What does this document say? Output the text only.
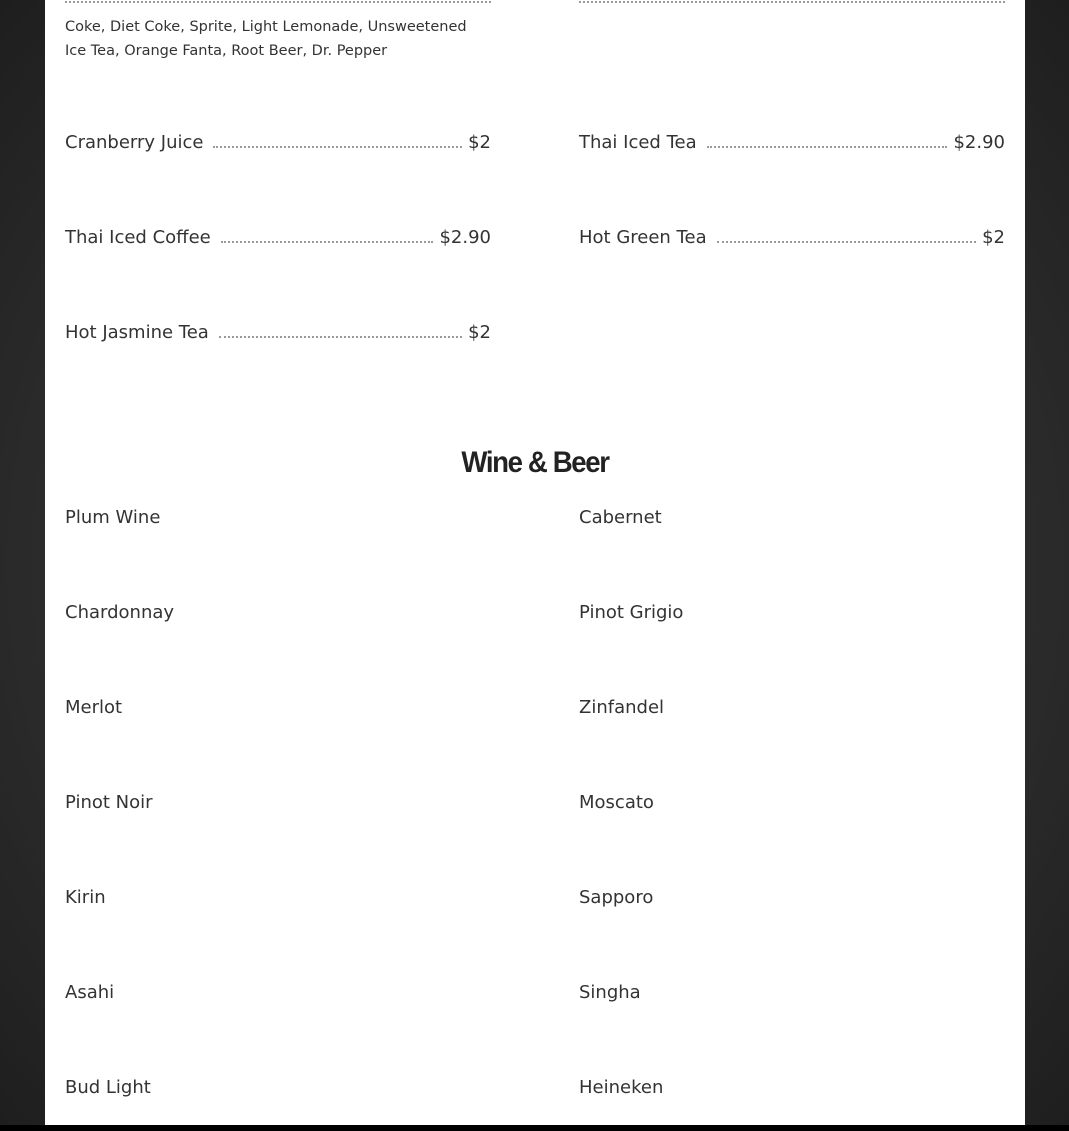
Coke, Diet Coke, Sprite, Light Lemonade, Unsweetened Ice Tea, Orange Fanta, Root Beer, Dr. Pepper
Cranberry Juice	$2	Thai Iced Tea	$2.90
Thai Iced Coffee	$2.90	Hot Green Tea	$2
Hot Jasmine Tea	$2
Wine & Beer
Plum Wine	Cabernet
Chardonnay	Pinot Grigio
Merlot	Zinfandel
Pinot Noir	Moscato
Kirin	Sapporo
Asahi	Singha
Bud Light	Heineken
